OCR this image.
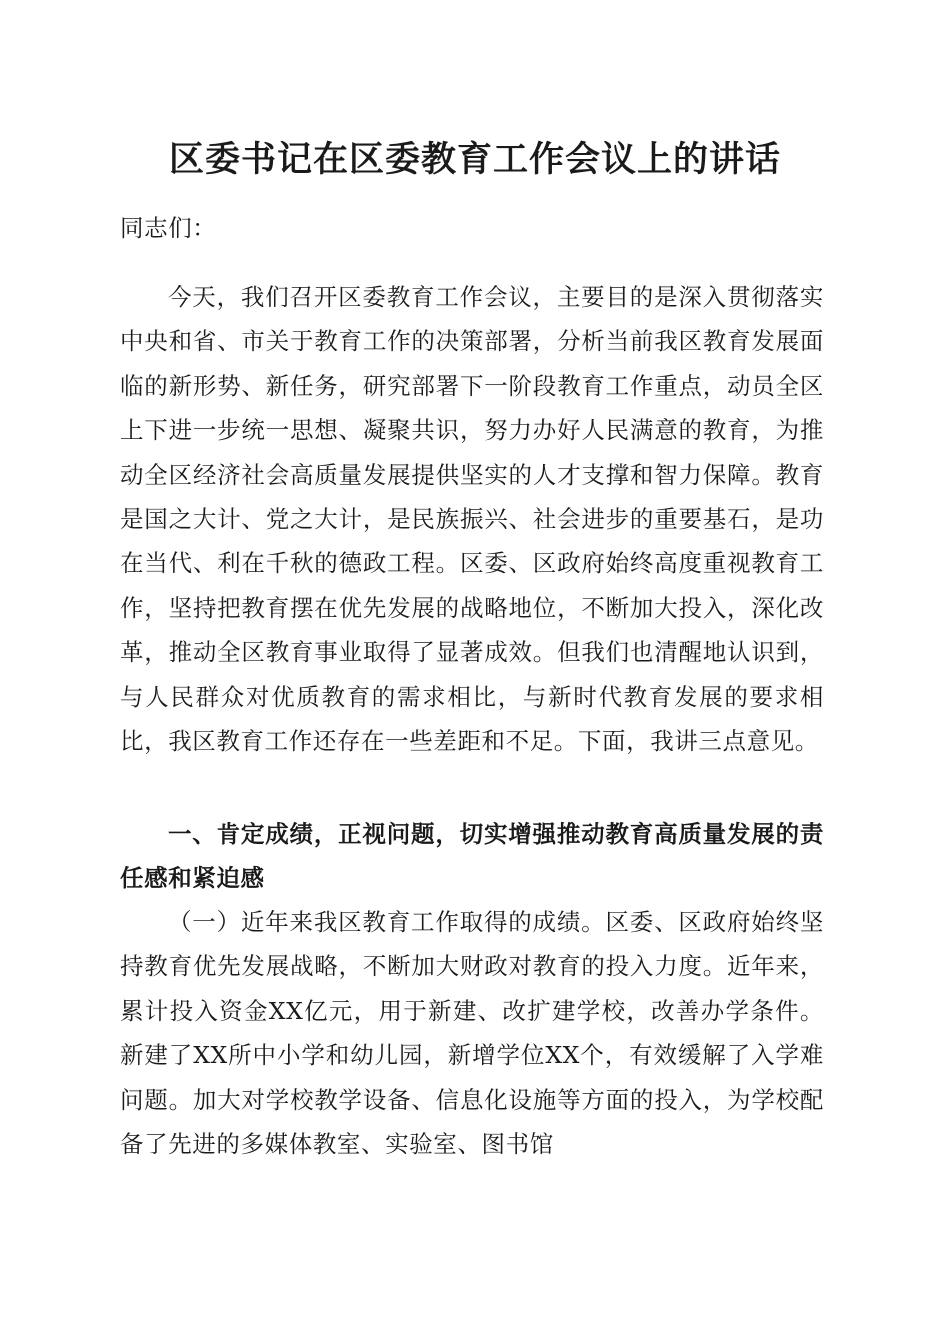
区委书记在区委教育工作会议上的讲话

同志们：

今天，我们召开区委教育工作会议，主要目的是深入贯彻落实中央和省、市关于教育工作的决策部署，分析当前我区教育发展面临的新形势、新任务，研究部署下一阶段教育工作重点，动员全区上下进一步统一思想、凝聚共识，努力办好人民满意的教育，为推动全区经济社会高质量发展提供坚实的人才支撑和智力保障。教育是国之大计、党之大计，是民族振兴、社会进步的重要基石，是功在当代、利在千秋的德政工程。区委、区政府始终高度重视教育工作，坚持把教育摆在优先发展的战略地位，不断加大投入，深化改革，推动全区教育事业取得了显著成效。但我们也清醒地认识到，与人民群众对优质教育的需求相比，与新时代教育发展的要求相比，我区教育工作还存在一些差距和不足。下面，我讲三点意见。

一、肯定成绩，正视问题，切实增强推动教育高质量发展的责任感和紧迫感

（一）近年来我区教育工作取得的成绩。区委、区政府始终坚持教育优先发展战略，不断加大财政对教育的投入力度。近年来，累计投入资金XX亿元，用于新建、改扩建学校，改善办学条件。新建了XX所中小学和幼儿园，新增学位XX个，有效缓解了入学难问题。加大对学校教学设备、信息化设施等方面的投入，为学校配备了先进的多媒体教室、实验室、图书馆
